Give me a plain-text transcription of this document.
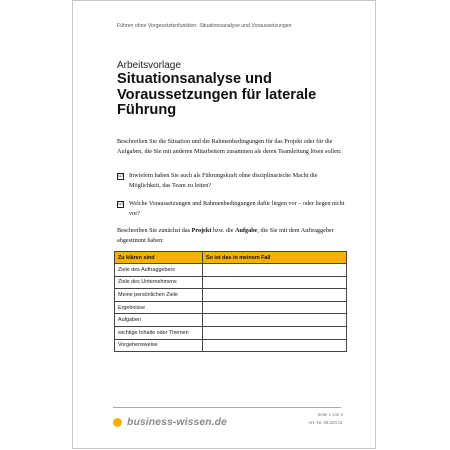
Führen ohne Vorgesetztenfunktion: Situationsanalyse und Voraussetzungen
Arbeitsvorlage
Situationsanalyse und Voraussetzungen für laterale Führung
Beschreiben Sie die Situation und die Rahmenbedingungen für das Projekt oder für die Aufgaben, die Sie mit anderen Mitarbeitern zusammen als deren Teamleitung lösen sollen:
☑ Inwiefern haben Sie auch als Führungskraft ohne disziplinarische Macht die Möglichkeit, das Team zu leiten?
☑ Welche Voraussetzungen und Rahmenbedingungen dafür liegen vor – oder liegen nicht vor?
Beschreiben Sie zunächst das Projekt bzw. die Aufgabe, die Sie mit dem Auftraggeber abgestimmt haben:
Zu klären sind	So ist das in meinem Fall
Ziele des Auftraggebers	
Ziele des Unternehmens	
Meine persönlichen Ziele	
Ergebnisse	
Aufgaben	
wichtige Inhalte oder Themen	
Vorgehensweise	
business-wissen.de
Seite 1 von 3
Art.-Nr. 06.020.01
